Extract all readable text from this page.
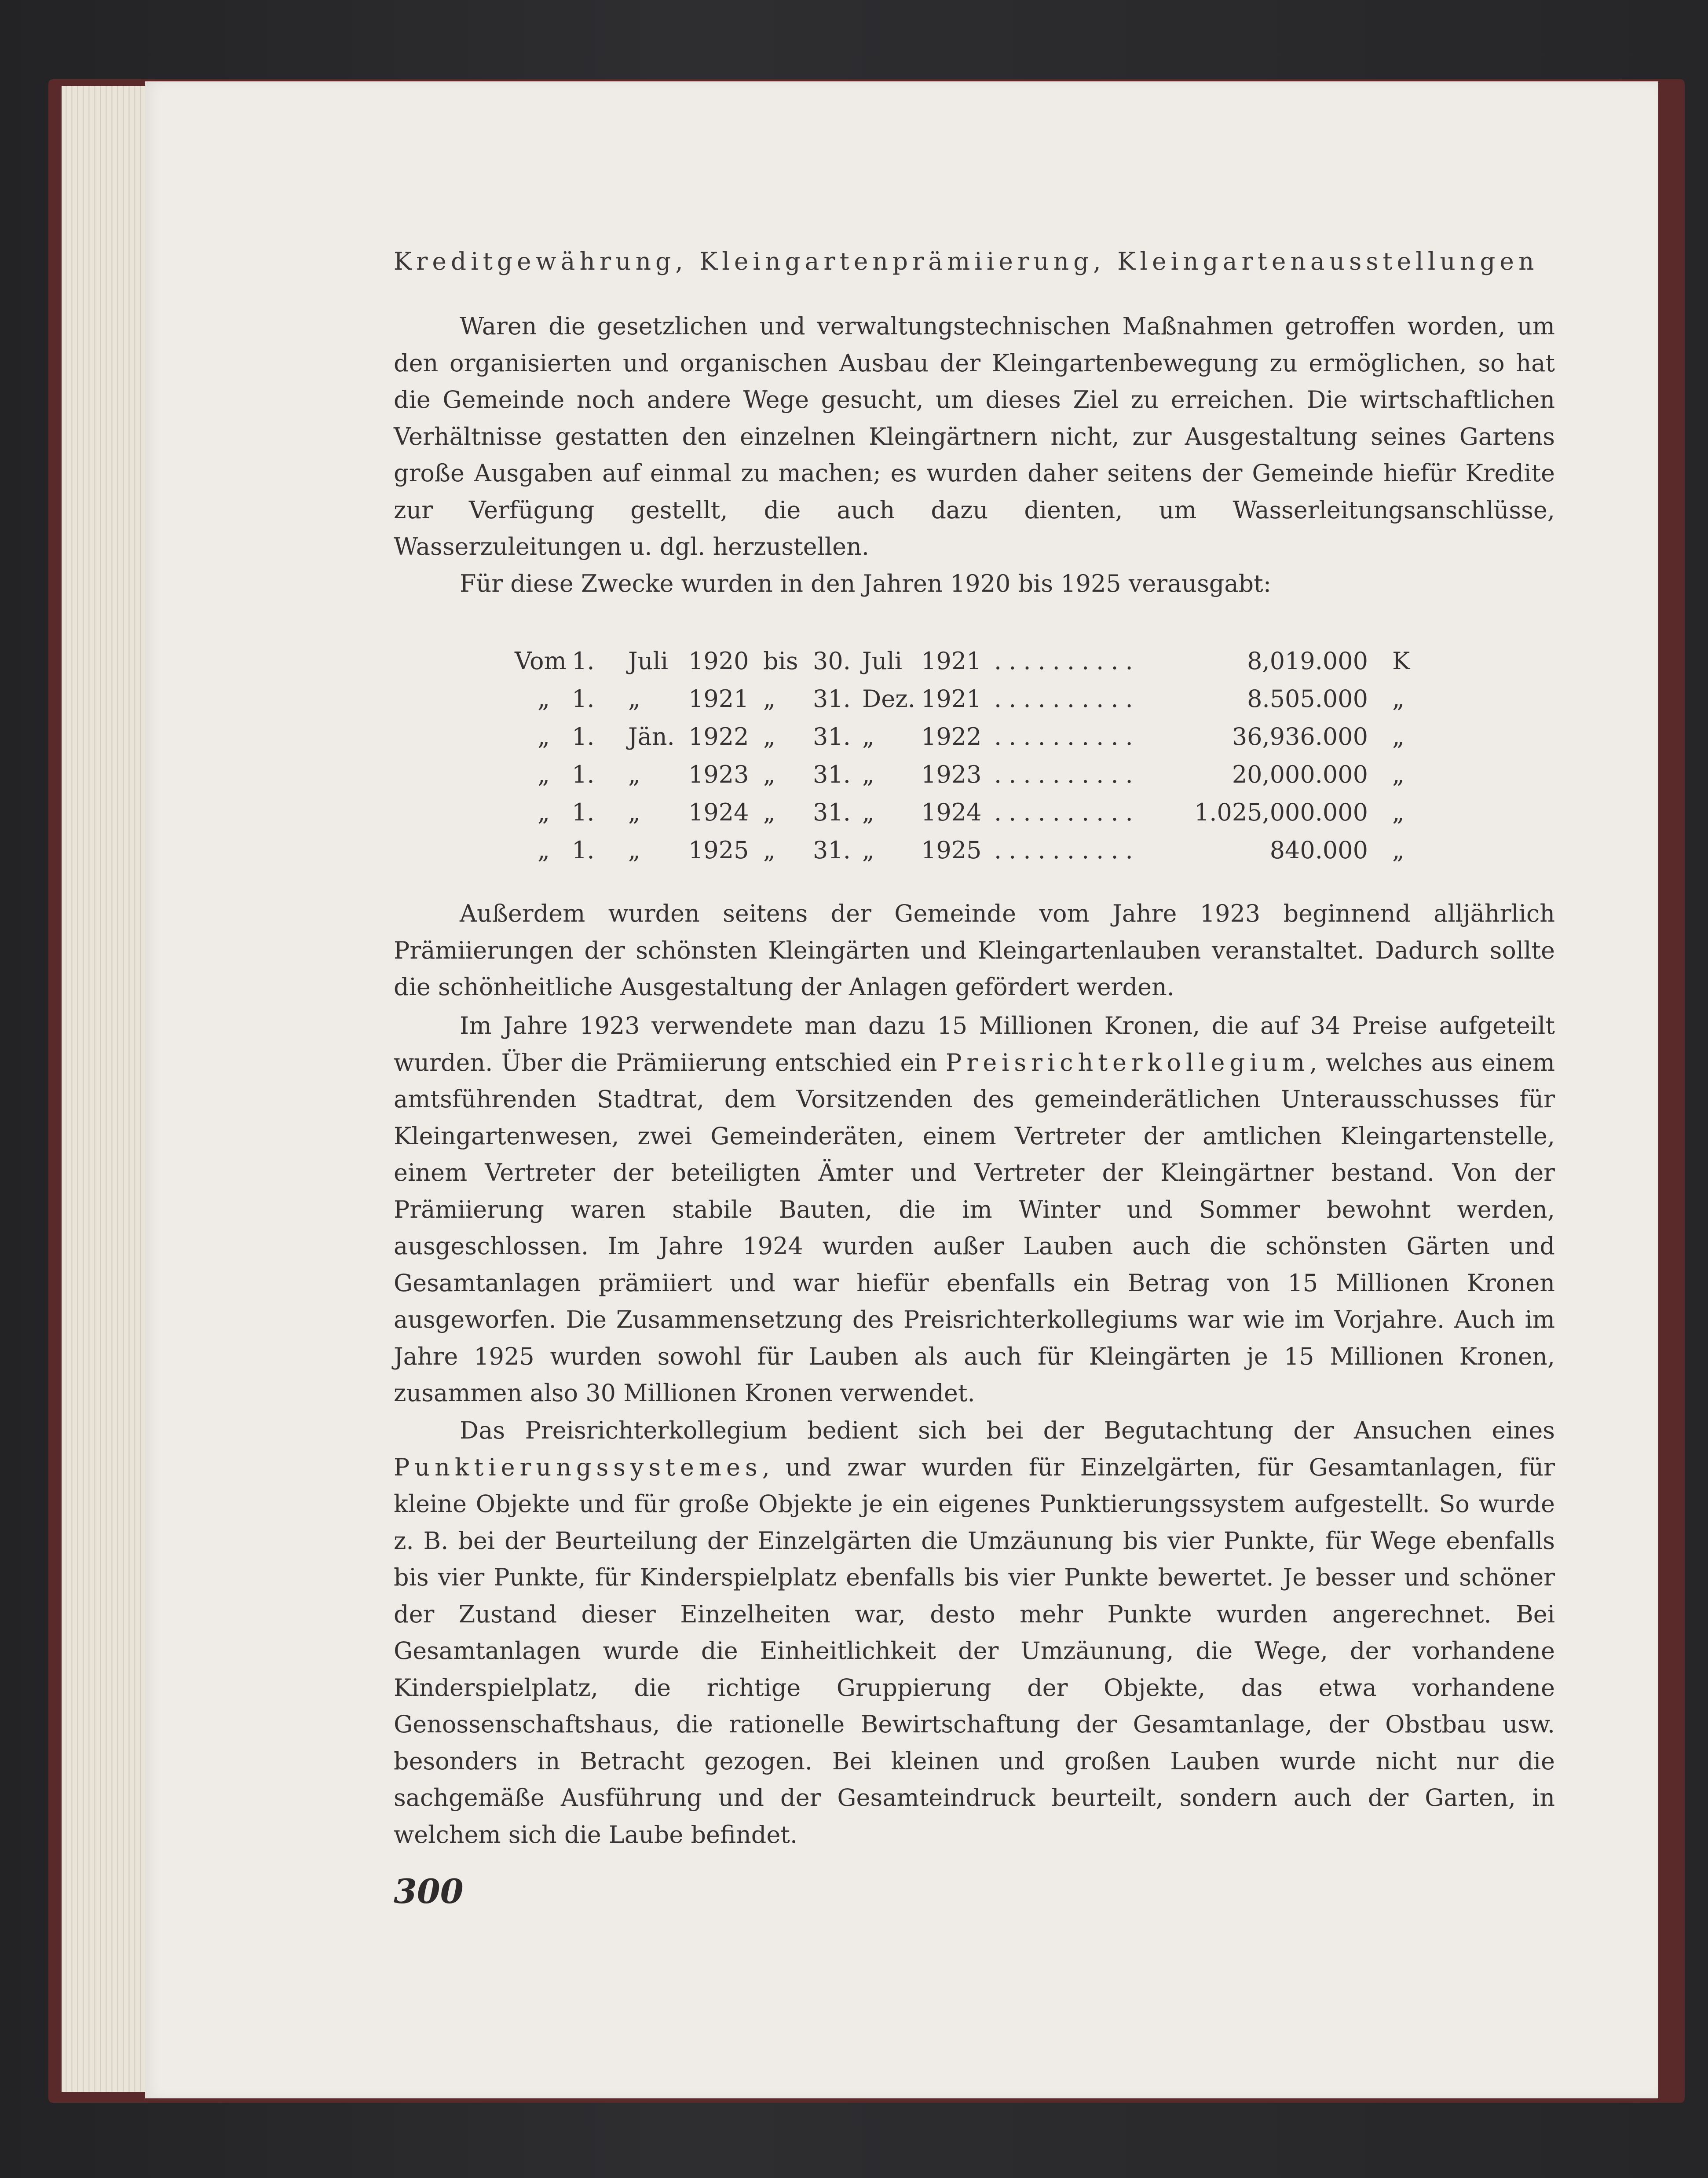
Kreditgewährung, Kleingartenprämiierung, Kleingartenausstellungen

Waren die gesetzlichen und verwaltungstechnischen Maßnahmen getroffen worden, um den organisierten und organischen Ausbau der Kleingartenbewegung zu ermöglichen, so hat die Gemeinde noch andere Wege gesucht, um dieses Ziel zu erreichen. Die wirtschaftlichen Verhältnisse gestatten den einzelnen Kleingärtnern nicht, zur Ausgestaltung seines Gartens große Ausgaben auf einmal zu machen; es wurden daher seitens der Gemeinde hiefür Kredite zur Verfügung gestellt, die auch dazu dienten, um Wasserleitungsanschlüsse, Wasserzuleitungen u. dgl. herzustellen.

Für diese Zwecke wurden in den Jahren 1920 bis 1925 verausgabt:

Vom 1. Juli 1920 bis 30. Juli 1921 ..........	8,019.000 K
„ 1. „ 1921 „ 31. Dez. 1921 ..........	8.505.000 „
„ 1. Jän. 1922 „ 31. „ 1922 ..........	36,936.000 „
„ 1. „ 1923 „ 31. „ 1923 ..........	20,000.000 „
„ 1. „ 1924 „ 31. „ 1924 .......... 1.025,000.000 „
„ 1. „ 1925 „ 31. „ 1925 ..........	840.000 „

Außerdem wurden seitens der Gemeinde vom Jahre 1923 beginnend alljährlich Prämiierungen der schönsten Kleingärten und Kleingartenlauben veranstaltet. Dadurch sollte die schönheitliche Ausgestaltung der Anlagen gefördert werden.

Im Jahre 1923 verwendete man dazu 15 Millionen Kronen, die auf 34 Preise aufgeteilt wurden. Über die Prämiierung entschied ein Preisrichterkollegium, welches aus einem amtsführenden Stadtrat, dem Vorsitzenden des gemeinderätlichen Unterausschusses für Kleingartenwesen, zwei Gemeinderäten, einem Vertreter der amtlichen Kleingartenstelle, einem Vertreter der beteiligten Ämter und Vertreter der Kleingärtner bestand. Von der Prämiierung waren stabile Bauten, die im Winter und Sommer bewohnt werden, ausgeschlossen. Im Jahre 1924 wurden außer Lauben auch die schönsten Gärten und Gesamtanlagen prämiiert und war hiefür ebenfalls ein Betrag von 15 Millionen Kronen ausgeworfen. Die Zusammensetzung des Preisrichterkollegiums war wie im Vorjahre. Auch im Jahre 1925 wurden sowohl für Lauben als auch für Kleingärten je 15 Millionen Kronen, zusammen also 30 Millionen Kronen verwendet.

Das Preisrichterkollegium bedient sich bei der Begutachtung der Ansuchen eines Punktierungssystemes, und zwar wurden für Einzelgärten, für Gesamtanlagen, für kleine Objekte und für große Objekte je ein eigenes Punktierungssystem aufgestellt. So wurde z. B. bei der Beurteilung der Einzelgärten die Umzäunung bis vier Punkte, für Wege ebenfalls bis vier Punkte, für Kinderspielplatz ebenfalls bis vier Punkte bewertet. Je besser und schöner der Zustand dieser Einzelheiten war, desto mehr Punkte wurden angerechnet. Bei Gesamtanlagen wurde die Einheitlichkeit der Umzäunung, die Wege, der vorhandene Kinderspielplatz, die richtige Gruppierung der Objekte, das etwa vorhandene Genossenschaftshaus, die rationelle Bewirtschaftung der Gesamtanlage, der Obstbau usw. besonders in Betracht gezogen. Bei kleinen und großen Lauben wurde nicht nur die sachgemäße Ausführung und der Gesamteindruck beurteilt, sondern auch der Garten, in welchem sich die Laube befindet.

300
